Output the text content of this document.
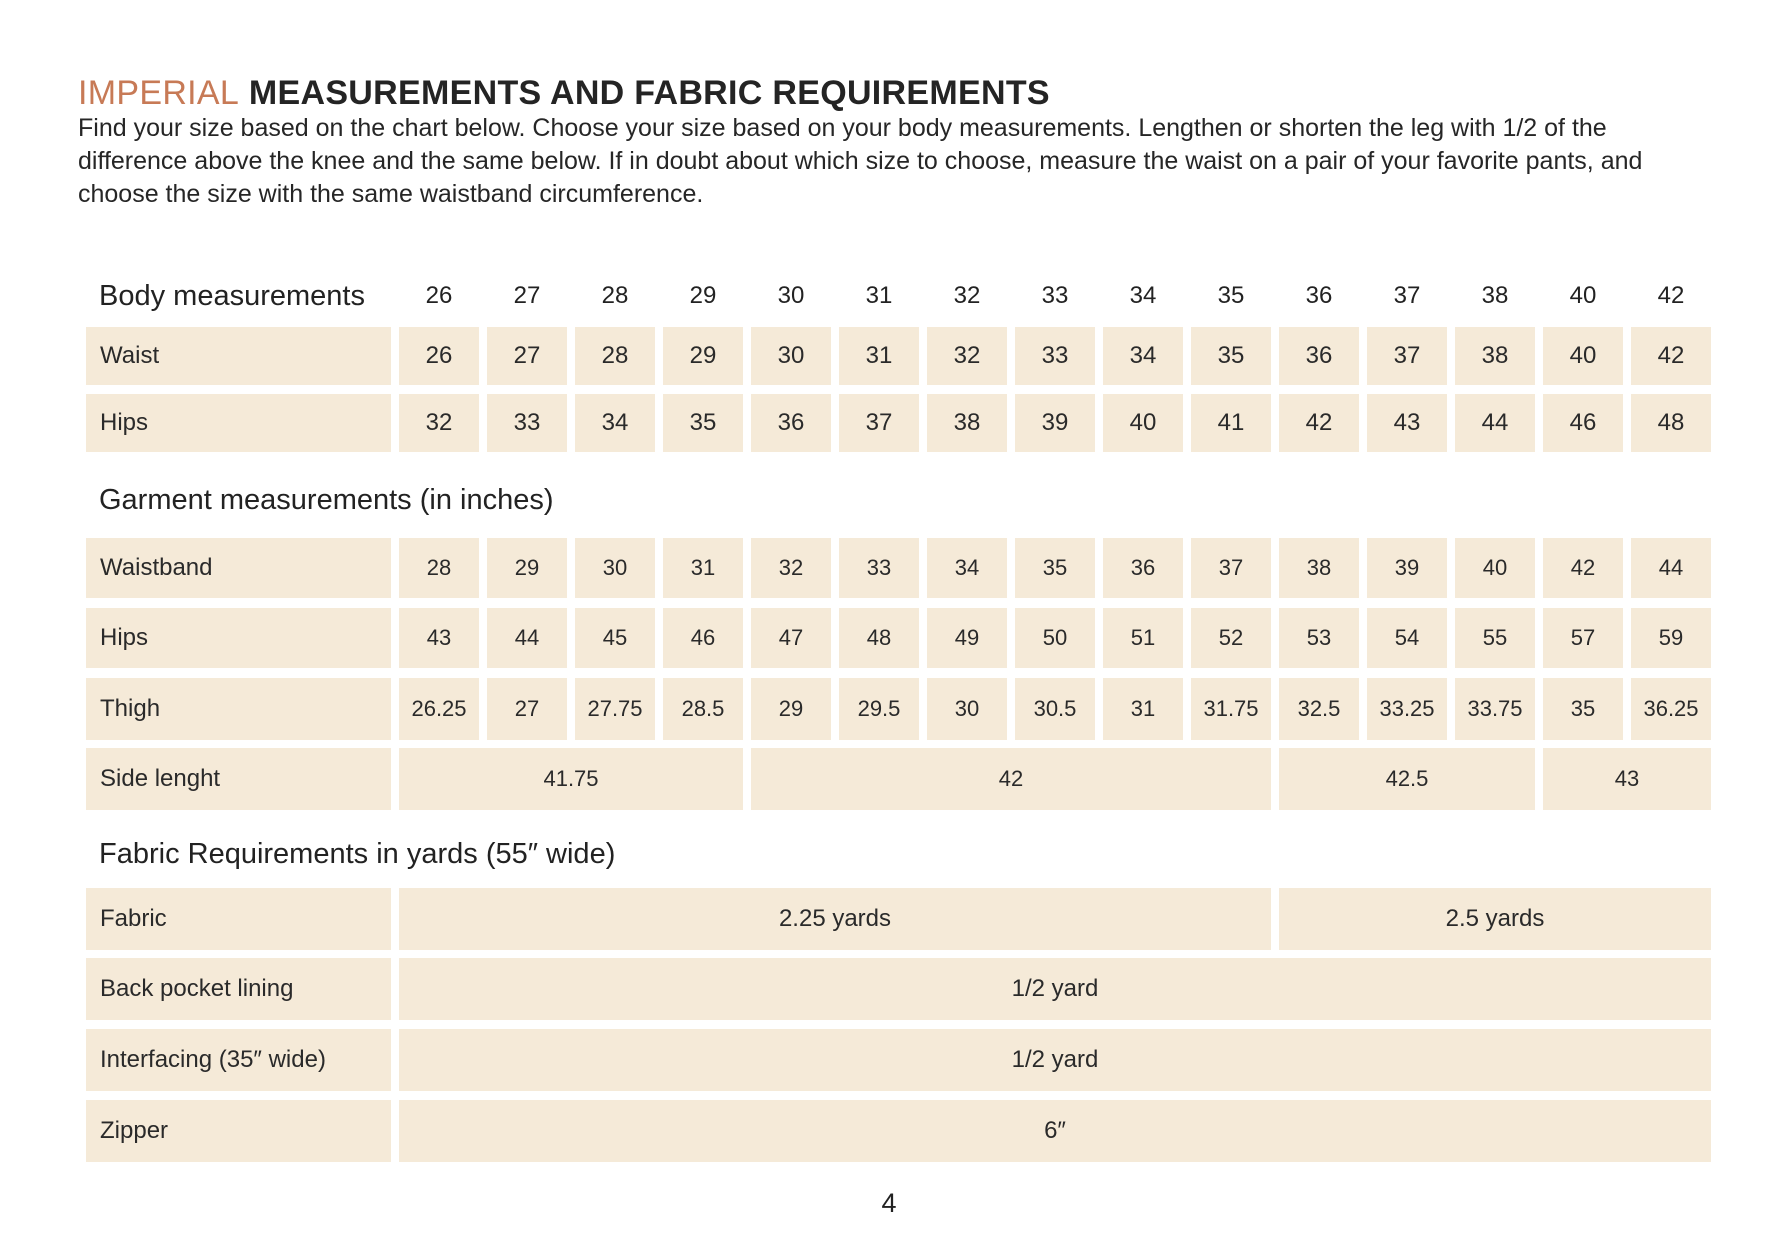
IMPERIAL MEASUREMENTS AND FABRIC REQUIREMENTS

Find your size based on the chart below. Choose your size based on your body measurements. Lengthen or shorten the leg with 1/2 of the difference above the knee and the same below. If in doubt about which size to choose, measure the waist on a pair of your favorite pants, and choose the size with the same waistband circumference.

Body measurements
Garment measurements (in inches)
Fabric Requirements in yards (55″ wide)
26	27	28	29	30	31	32	33	34	35	36	37	38	40	42
Waist	26	27	28	29	30	31	32	33	34	35	36	37	38	40	42
Hips	32	33	34	35	36	37	38	39	40	41	42	43	44	46	48
Waistband	28	29	30	31	32	33	34	35	36	37	38	39	40	42	44
Hips	43	44	45	46	47	48	49	50	51	52	53	54	55	57	59
Thigh	26.25	27	27.75	28.5	29	29.5	30	30.5	31	31.75	32.5	33.25	33.75	35	36.25
Side lenght	41.75	42	42.5	43
Fabric	2.25 yards	2.5 yards
Back pocket lining	1/2 yard
Interfacing (35″ wide)	1/2 yard
Zipper	6″
4
